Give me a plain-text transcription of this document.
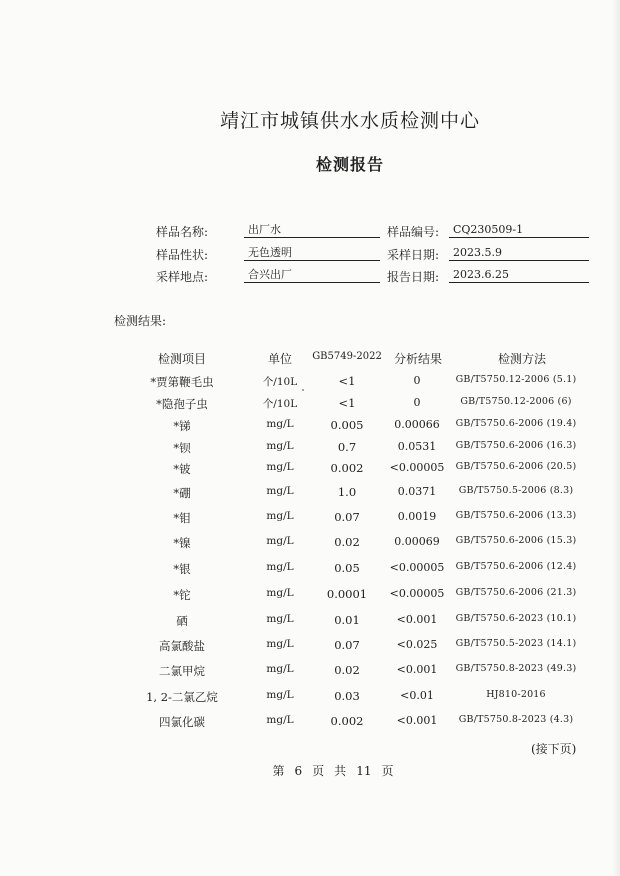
靖江市城镇供水水质检测中心
检测报告
样品名称:	出厂水	样品编号:	CQ230509-1
样品性状:	无色透明	采样日期:	2023.5.9
采样地点:	合兴出厂	报告日期:	2023.6.25
检测结果:
检测项目	单位	GB5749-2022	分析结果	检测方法
*贾第鞭毛虫	个/10L	<1	0	GB/T5750.12-2006 (5.1)
*隐孢子虫	个/10L	<1	0	GB/T5750.12-2006 (6)
*锑	mg/L	0.005	0.00066	GB/T5750.6-2006 (19.4)
*钡	mg/L	0.7	0.0531	GB/T5750.6-2006 (16.3)
*铍	mg/L	0.002	<0.00005	GB/T5750.6-2006 (20.5)
*硼	mg/L	1.0	0.0371	GB/T5750.5-2006 (8.3)
*钼	mg/L	0.07	0.0019	GB/T5750.6-2006 (13.3)
*镍	mg/L	0.02	0.00069	GB/T5750.6-2006 (15.3)
*银	mg/L	0.05	<0.00005	GB/T5750.6-2006 (12.4)
*铊	mg/L	0.0001	<0.00005	GB/T5750.6-2006 (21.3)
硒	mg/L	0.01	<0.001	GB/T5750.6-2023 (10.1)
高氯酸盐	mg/L	0.07	<0.025	GB/T5750.5-2023 (14.1)
二氯甲烷	mg/L	0.02	<0.001	GB/T5750.8-2023 (49.3)
1, 2-二氯乙烷	mg/L	0.03	<0.01	HJ810-2016
四氯化碳	mg/L	0.002	<0.001	GB/T5750.8-2023 (4.3)
(接下页)
第 6 页 共 11 页
